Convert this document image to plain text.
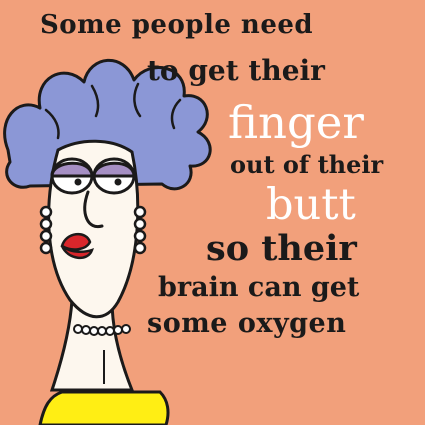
Some people need

to get their

finger

out of their

butt

so their

brain can get

some oxygen
